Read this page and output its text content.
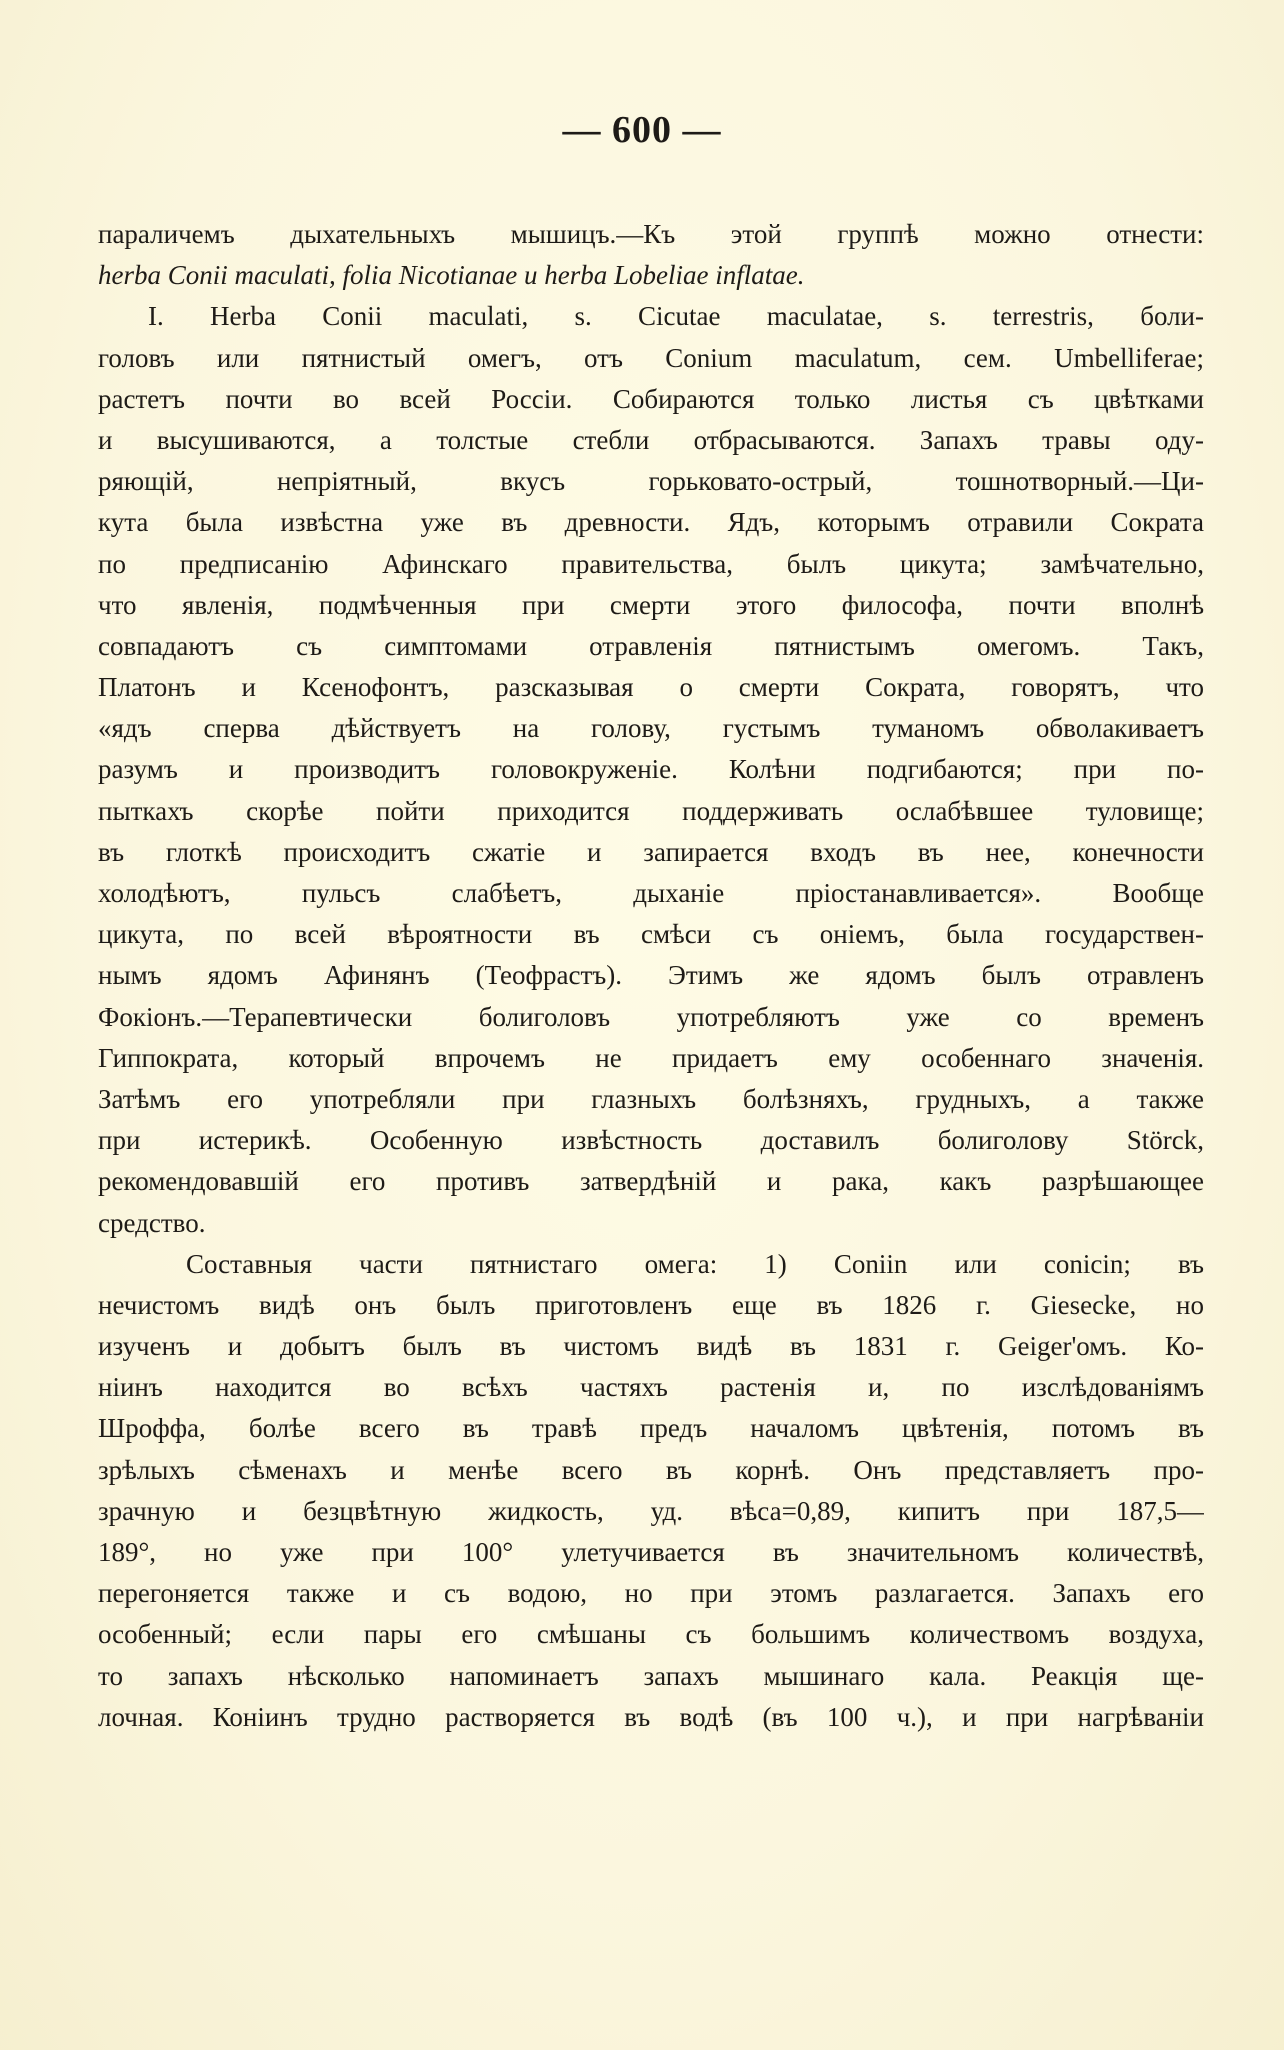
— 600 —
параличемъ дыхательныхъ мышицъ.—Къ этой группѣ можно отнести:
herba Conii maculati, folia Nicotianae и herba Lobeliae inflatae.
I. Herba Conii maculati, s. Cicutae maculatae, s. terrestris, боли-
головъ или пятнистый омегъ, отъ Conium maculatum, сем. Umbelliferae;
растетъ почти во всей Россіи. Собираются только листья съ цвѣтками
и высушиваются, а толстые стебли отбрасываются. Запахъ травы оду-
ряющій, непріятный, вкусъ горьковато-острый, тошнотворный.—Ци-
кута была извѣстна уже въ древности. Ядъ, которымъ отравили Сократа
по предписанію Афинскаго правительства, былъ цикута; замѣчательно,
что явленія, подмѣченныя при смерти этого философа, почти вполнѣ
совпадаютъ съ симптомами отравленія пятнистымъ омегомъ. Такъ,
Платонъ и Ксенофонтъ, разсказывая о смерти Сократа, говорятъ, что
«ядъ сперва дѣйствуетъ на голову, густымъ туманомъ обволакиваетъ
разумъ и производитъ головокруженіе. Колѣни подгибаются; при по-
пыткахъ скорѣе пойти приходится поддерживать ослабѣвшее туловище;
въ глоткѣ происходитъ сжатіе и запирается входъ въ нее, конечности
холодѣютъ, пульсъ слабѣетъ, дыханіе пріостанавливается». Вообще
цикута, по всей вѣроятности въ смѣси съ оніемъ, была государствен-
нымъ ядомъ Афинянъ (Теофрастъ). Этимъ же ядомъ былъ отравленъ
Фокіонъ.—Терапевтически болиголовъ употребляютъ уже со временъ
Гиппократа, который впрочемъ не придаетъ ему особеннаго значенія.
Затѣмъ его употребляли при глазныхъ болѣзняхъ, грудныхъ, а также
при истерикѣ. Особенную извѣстность доставилъ болиголову Störck,
рекомендовавшій его противъ затвердѣній и рака, какъ разрѣшающее
средство.
Составныя части пятнистаго омега: 1) Coniin или conicin; въ
нечистомъ видѣ онъ былъ приготовленъ еще въ 1826 г. Giesecke, но
изученъ и добытъ былъ въ чистомъ видѣ въ 1831 г. Geiger'омъ. Ко-
ніинъ находится во всѣхъ частяхъ растенія и, по изслѣдованіямъ
Шроффа, болѣе всего въ травѣ предъ началомъ цвѣтенія, потомъ въ
зрѣлыхъ сѣменахъ и менѣе всего въ корнѣ. Онъ представляетъ про-
зрачную и безцвѣтную жидкость, уд. вѣса=0,89, кипитъ при 187,5—
189°, но уже при 100° улетучивается въ значительномъ количествѣ,
перегоняется также и съ водою, но при этомъ разлагается. Запахъ его
особенный; если пары его смѣшаны съ большимъ количествомъ воздуха,
то запахъ нѣсколько напоминаетъ запахъ мышинаго кала. Реакція ще-
лочная. Коніинъ трудно растворяется въ водѣ (въ 100 ч.), и при нагрѣваніи
